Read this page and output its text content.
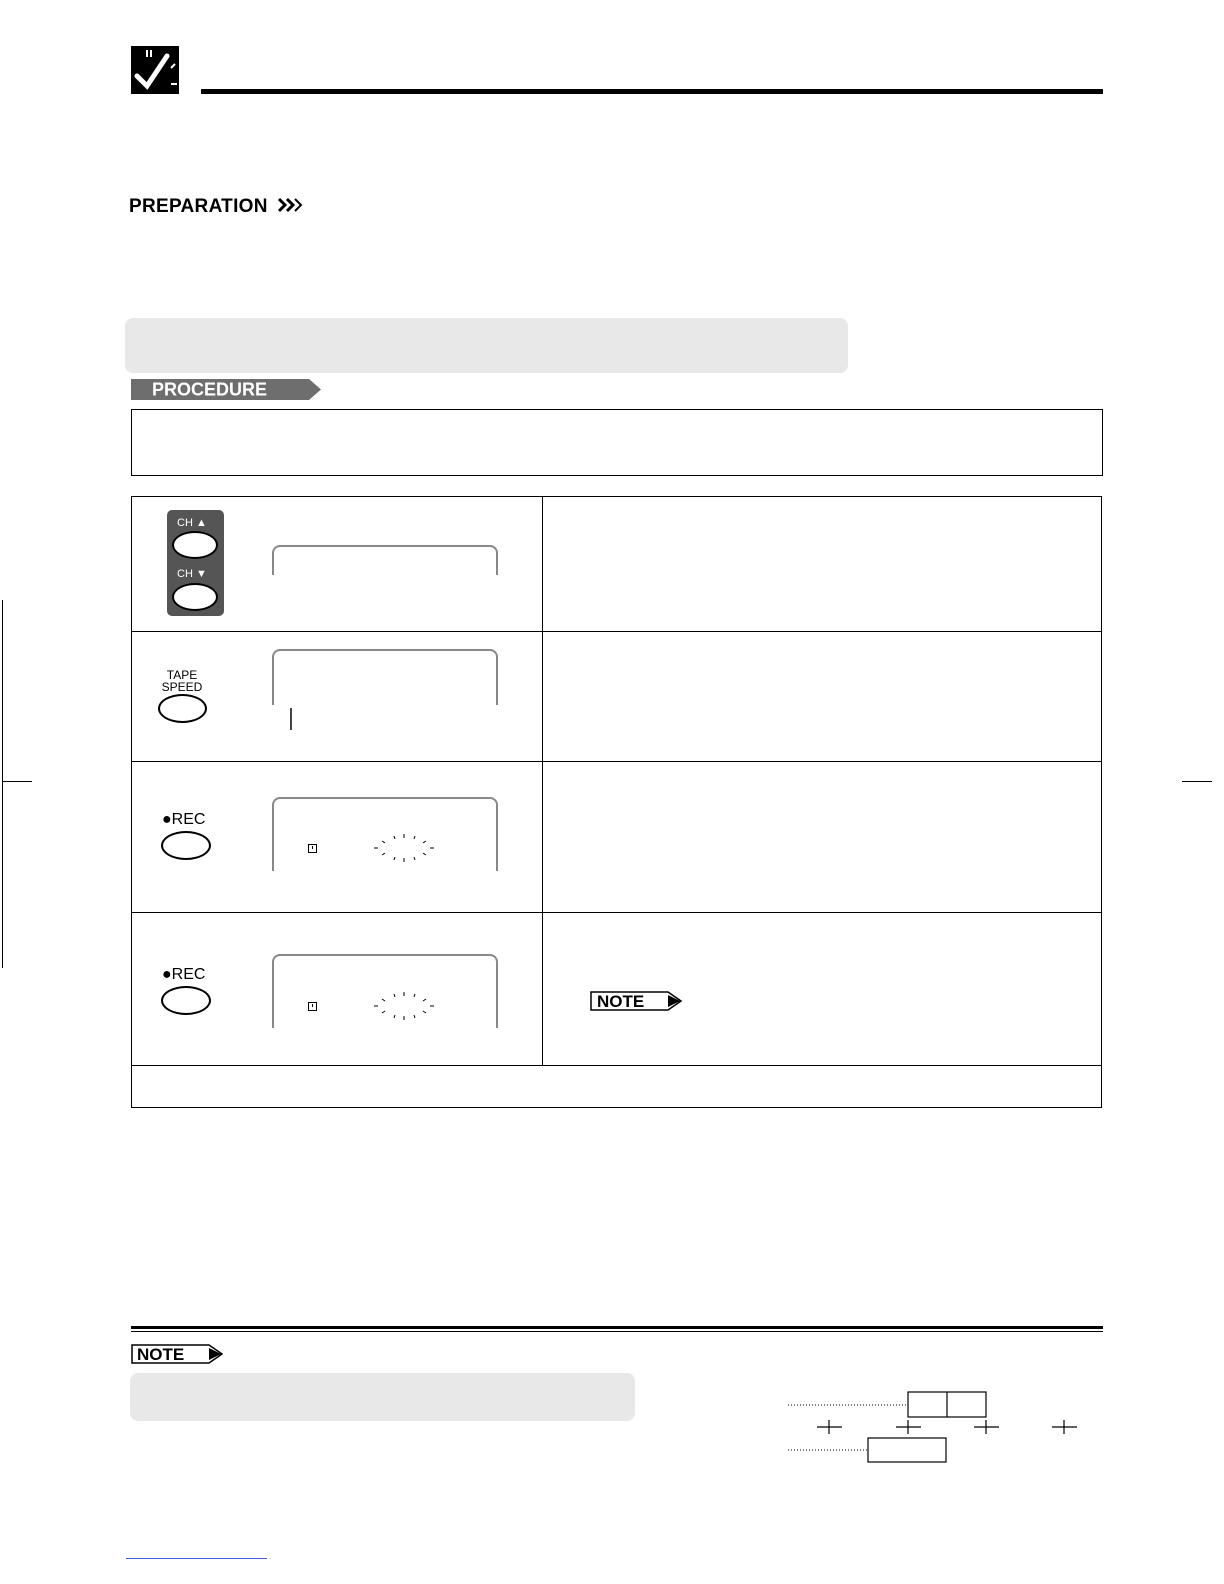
PREPARATION
PROCEDURE
CH ▲
CH ▼
TAPE SPEED
●REC
●REC
NOTE
NOTE
